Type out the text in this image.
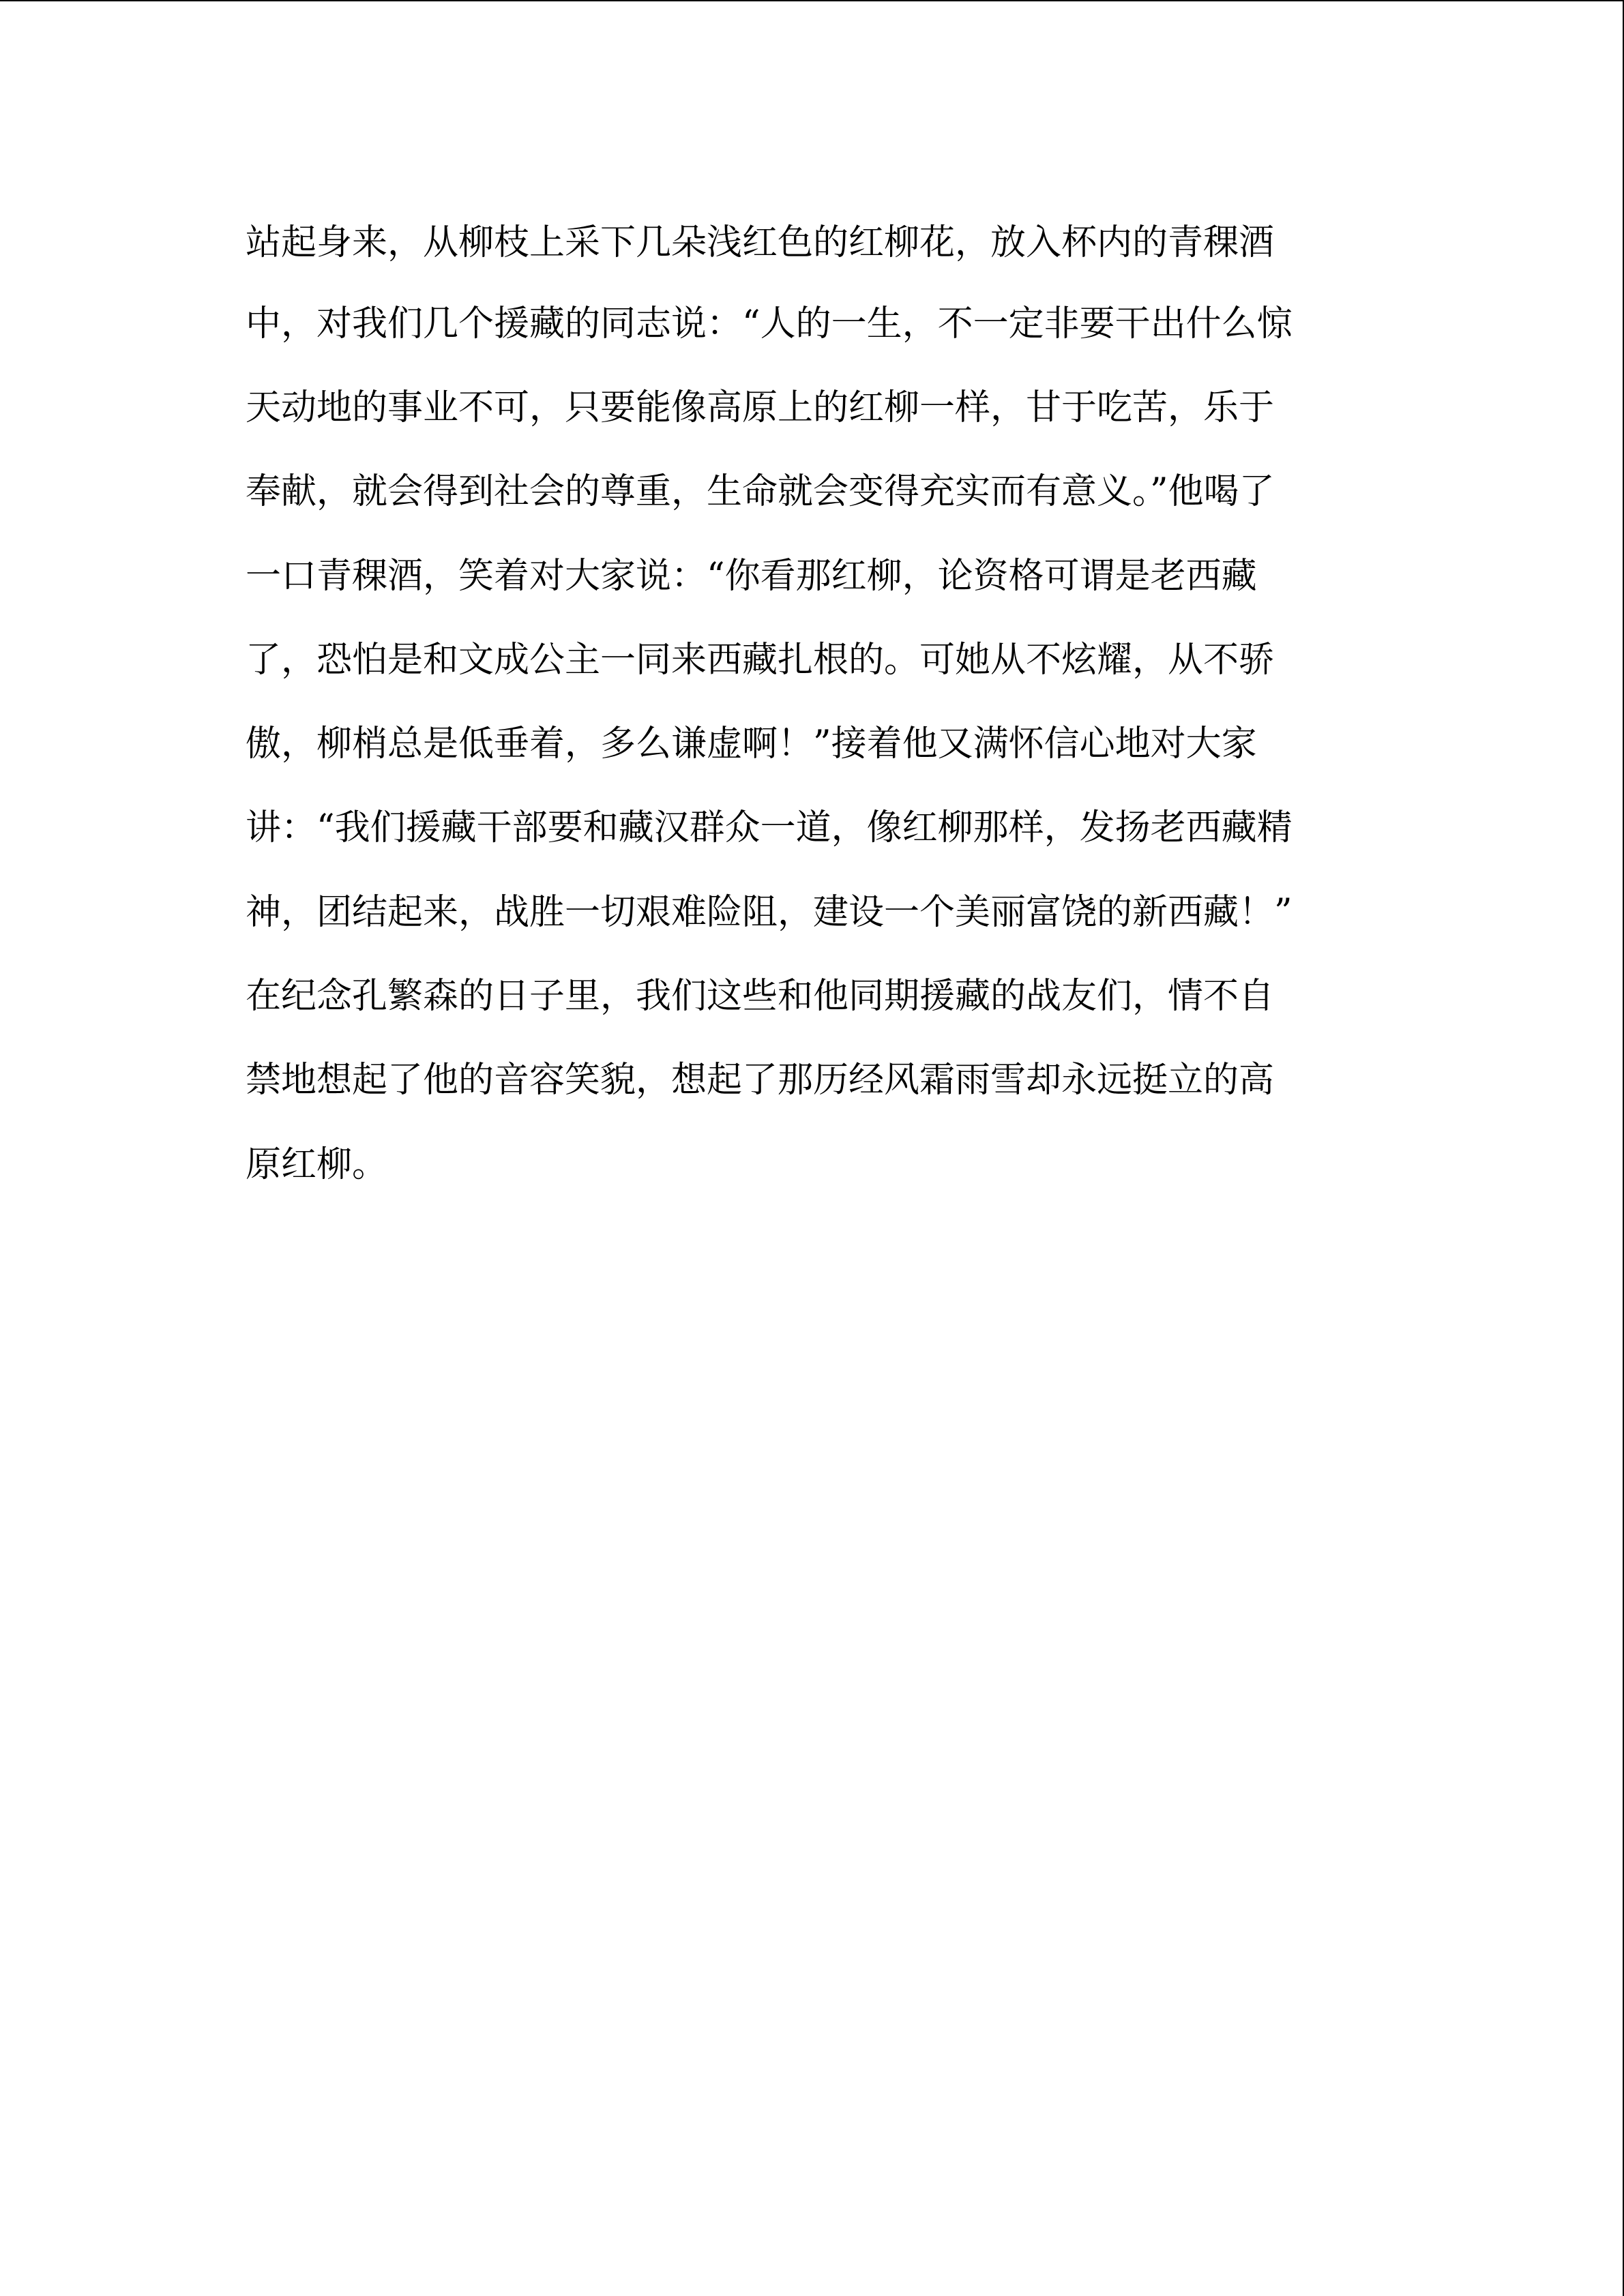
站起身来，从柳枝上采下几朵浅红色的红柳花，放入杯内的青稞酒
中，对我们几个援藏的同志说：“人的一生，不一定非要干出什么惊
天动地的事业不可，只要能像高原上的红柳一样，甘于吃苦，乐于
奉献，就会得到社会的尊重，生命就会变得充实而有意义。”他喝了
一口青稞酒，笑着对大家说：“你看那红柳，论资格可谓是老西藏
了，恐怕是和文成公主一同来西藏扎根的。可她从不炫耀，从不骄
傲，柳梢总是低垂着，多么谦虚啊！”接着他又满怀信心地对大家
讲：“我们援藏干部要和藏汉群众一道，像红柳那样，发扬老西藏精
神，团结起来，战胜一切艰难险阻，建设一个美丽富饶的新西藏！”
在纪念孔繁森的日子里，我们这些和他同期援藏的战友们，情不自
禁地想起了他的音容笑貌，想起了那历经风霜雨雪却永远挺立的高
原红柳。
